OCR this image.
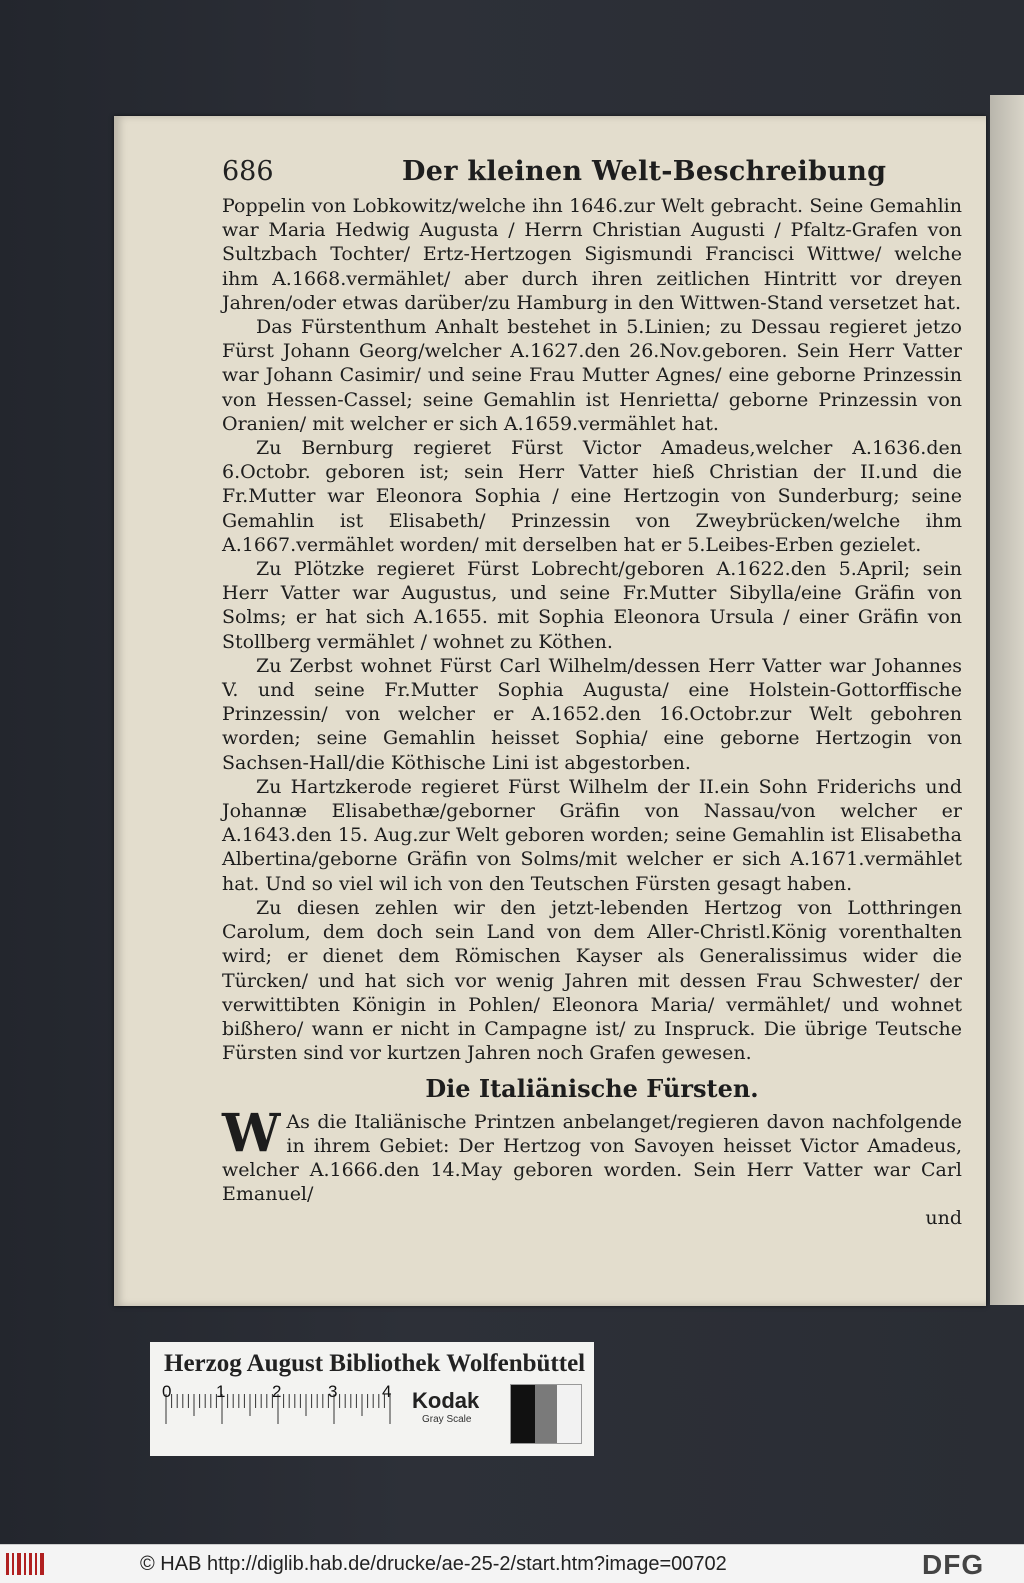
686	Der kleinen Welt-Beschreibung

Poppelin von Lobkowitz/welche ihn 1646.zur Welt gebracht. Seine Gemahlin war Maria Hedwig Augusta / Herrn Christian Augusti / Pfaltz-Grafen von Sultzbach Tochter/ Ertz-Hertzogen Sigismundi Francisci Wittwe/ welche ihm A.1668.vermählet/ aber durch ihren zeitlichen Hintritt vor dreyen Jahren/oder etwas darüber/zu Hamburg in den Wittwen-Stand versetzet hat.

Das Fürstenthum Anhalt bestehet in 5.Linien; zu Dessau regieret jetzo Fürst Johann Georg/welcher A.1627.den 26.Nov.geboren. Sein Herr Vatter war Johann Casimir/ und seine Frau Mutter Agnes/ eine geborne Prinzessin von Hessen-Cassel; seine Gemahlin ist Henrietta/ geborne Prinzessin von Oranien/ mit welcher er sich A.1659.vermählet hat.

Zu Bernburg regieret Fürst Victor Amadeus,welcher A.1636.den 6.Octobr. geboren ist; sein Herr Vatter hieß Christian der II.und die Fr.Mutter war Eleonora Sophia / eine Hertzogin von Sunderburg; seine Gemahlin ist Elisabeth/ Prinzessin von Zweybrücken/welche ihm A.1667.vermählet worden/ mit derselben hat er 5.Leibes-Erben gezielet.

Zu Plötzke regieret Fürst Lobrecht/geboren A.1622.den 5.April; sein Herr Vatter war Augustus, und seine Fr.Mutter Sibylla/eine Gräfin von Solms; er hat sich A.1655. mit Sophia Eleonora Ursula / einer Gräfin von Stollberg vermählet / wohnet zu Köthen.

Zu Zerbst wohnet Fürst Carl Wilhelm/dessen Herr Vatter war Johannes V. und seine Fr.Mutter Sophia Augusta/ eine Holstein-Gottorffische Prinzessin/ von welcher er A.1652.den 16.Octobr.zur Welt gebohren worden; seine Gemahlin heisset Sophia/ eine geborne Hertzogin von Sachsen-Hall/die Köthische Lini ist abgestorben.

Zu Hartzkerode regieret Fürst Wilhelm der II.ein Sohn Friderichs und Johannæ Elisabethæ/geborner Gräfin von Nassau/von welcher er A.1643.den 15. Aug.zur Welt geboren worden; seine Gemahlin ist Elisabetha Albertina/geborne Gräfin von Solms/mit welcher er sich A.1671.vermählet hat. Und so viel wil ich von den Teutschen Fürsten gesagt haben.

Zu diesen zehlen wir den jetzt-lebenden Hertzog von Lotthringen Carolum, dem doch sein Land von dem Aller-Christl.König vorenthalten wird; er dienet dem Römischen Kayser als Generalissimus wider die Türcken/ und hat sich vor wenig Jahren mit dessen Frau Schwester/ der verwittibten Königin in Pohlen/ Eleonora Maria/ vermählet/ und wohnet bißhero/ wann er nicht in Campagne ist/ zu Inspruck. Die übrige Teutsche Fürsten sind vor kurtzen Jahren noch Grafen gewesen.

Die Italiänische Fürsten.

W As die Italiänische Printzen anbelanget/regieren davon nachfolgende in ihrem Gebiet: Der Hertzog von Savoyen heisset Victor Amadeus, welcher A.1666.den 14.May geboren worden. Sein Herr Vatter war Carl Emanuel/

und

Herzog August Bibliothek Wolfenbüttel
0	1	2	3	4 Kodak
Gray Scale
© HAB http://diglib.hab.de/drucke/ae-25-2/start.htm?image=00702	DFG
